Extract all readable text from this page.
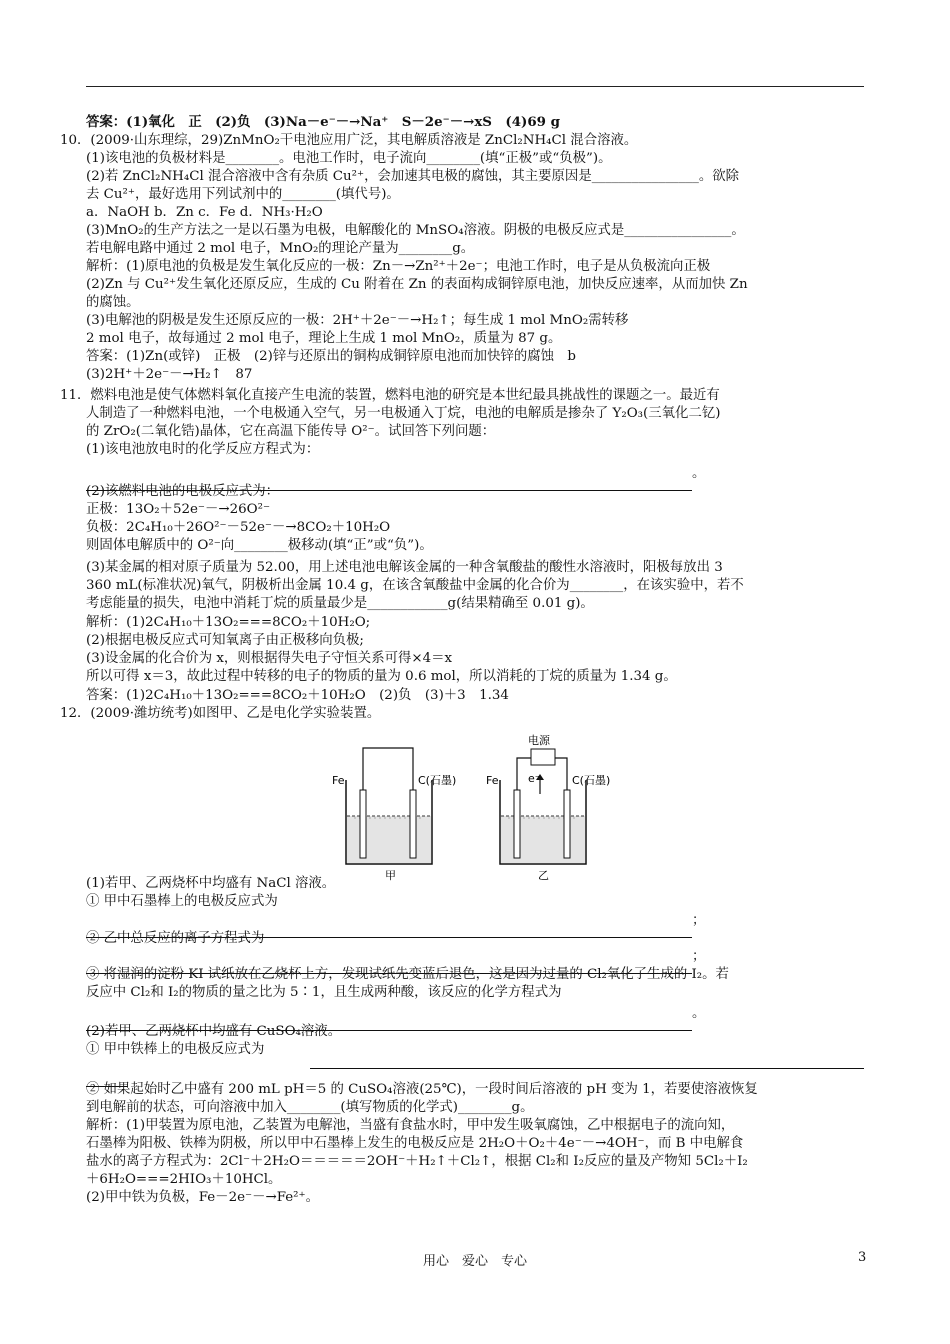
答案：(1)氧化　正　(2)负　(3)Na－e⁻－→Na⁺　S－2e⁻－→xS　(4)69 g
10．(2009·山东理综，29)ZnMnO₂干电池应用广泛，其电解质溶液是 ZnCl₂NH₄Cl 混合溶液。
(1)该电池的负极材料是________。电池工作时，电子流向________(填“正极”或“负极”)。
(2)若 ZnCl₂NH₄Cl 混合溶液中含有杂质 Cu²⁺，会加速其电极的腐蚀，其主要原因是________________。欲除
去 Cu²⁺，最好选用下列试剂中的________(填代号)。
a．NaOH b．Zn c．Fe d．NH₃·H₂O
(3)MnO₂的生产方法之一是以石墨为电极，电解酸化的 MnSO₄溶液。阴极的电极反应式是________________。
若电解电路中通过 2 mol 电子，MnO₂的理论产量为________g。
解析：(1)原电池的负极是发生氧化反应的一极：Zn－→Zn²⁺＋2e⁻；电池工作时，电子是从负极流向正极
(2)Zn 与 Cu²⁺发生氧化还原反应，生成的 Cu 附着在 Zn 的表面构成铜锌原电池，加快反应速率，从而加快 Zn
的腐蚀。
(3)电解池的阴极是发生还原反应的一极：2H⁺＋2e⁻－→H₂↑；每生成 1 mol MnO₂需转移
2 mol 电子，故每通过 2 mol 电子，理论上生成 1 mol MnO₂，质量为 87 g。
答案：(1)Zn(或锌)　正极　(2)锌与还原出的铜构成铜锌原电池而加快锌的腐蚀　b
(3)2H⁺＋2e⁻－→H₂↑　87
11．燃料电池是使气体燃料氧化直接产生电流的装置，燃料电池的研究是本世纪最具挑战性的课题之一。最近有
人制造了一种燃料电池，一个电极通入空气，另一电极通入丁烷，电池的电解质是掺杂了 Y₂O₃(三氧化二钇)
的 ZrO₂(二氧化锆)晶体，它在高温下能传导 O²⁻。试回答下列问题：
(1)该电池放电时的化学反应方程式为：
。
(2)该燃料电池的电极反应式为：
正极：13O₂＋52e⁻－→26O²⁻
负极：2C₄H₁₀＋26O²⁻－52e⁻－→8CO₂＋10H₂O
则固体电解质中的 O²⁻向________极移动(填“正”或“负”)。
(3)某金属的相对原子质量为 52.00，用上述电池电解该金属的一种含氧酸盐的酸性水溶液时，阳极每放出 3
360 mL(标准状况)氧气，阴极析出金属 10.4 g，在该含氧酸盐中金属的化合价为________，在该实验中，若不
考虑能量的损失，电池中消耗丁烷的质量最少是____________g(结果精确至 0.01 g)。
解析：(1)2C₄H₁₀＋13O₂===8CO₂＋10H₂O;
(2)根据电极反应式可知氧离子由正极移向负极;
(3)设金属的化合价为 x，则根据得失电子守恒关系可得×4＝x
所以可得 x＝3，故此过程中转移的电子的物质的量为 0.6 mol，所以消耗的丁烷的质量为 1.34 g。
答案：(1)2C₄H₁₀＋13O₂===8CO₂＋10H₂O　(2)负　(3)＋3　1.34
12．(2009·潍坊统考)如图甲、乙是电化学实验装置。
(1)若甲、乙两烧杯中均盛有 NaCl 溶液。
① 甲中石墨棒上的电极反应式为
；
② 乙中总反应的离子方程式为
；
③ 将湿润的淀粉 KI 试纸放在乙烧杯上方，发现试纸先变蓝后退色，这是因为过量的 Cl₂氧化了生成的 I₂。若
反应中 Cl₂和 I₂的物质的量之比为 5∶1，且生成两种酸，该反应的化学方程式为
。
(2)若甲、乙两烧杯中均盛有 CuSO₄溶液。
① 甲中铁棒上的电极反应式为
② 如果起始时乙中盛有 200 mL pH＝5 的 CuSO₄溶液(25℃)，一段时间后溶液的 pH 变为 1，若要使溶液恢复
到电解前的状态，可向溶液中加入________(填写物质的化学式)________g。
解析：(1)甲装置为原电池，乙装置为电解池，当盛有食盐水时，甲中发生吸氧腐蚀，乙中根据电子的流向知，
石墨棒为阳极、铁棒为阴极，所以甲中石墨棒上发生的电极反应是 2H₂O＋O₂＋4e⁻－→4OH⁻，而 B 中电解食
盐水的离子方程式为：2Cl⁻＋2H₂O＝＝＝＝＝2OH⁻＋H₂↑＋Cl₂↑，根据 Cl₂和 I₂反应的量及产物知 5Cl₂＋I₂
＋6H₂O===2HIO₃＋10HCl。
(2)甲中铁为负极，Fe－2e⁻－→Fe²⁺。
Fe	C(石墨)	Fe	C(石墨)
电源
e⁻
甲	乙
用心　爱心　专心	3
